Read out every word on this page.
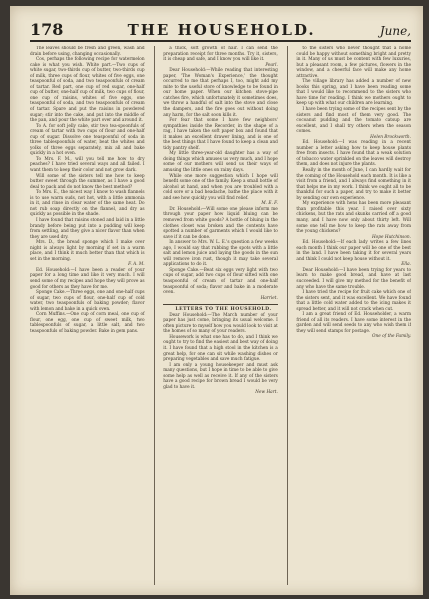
178	THE HOUSEHOLD.	June,

The leaves should be fresh and green, wash and drain before using, changing occasionally.

Cos, perhaps the following recipe for watermelon cake is what you wish. White part.—Two cups of white sugar, two-thirds cup of butter, two-thirds cup of milk, three cups of flour, whites of five eggs, one teaspoonful of soda, and two teaspoonfuls of cream of tartar. Red part, one cup of red sugar, one-half cup of butter, one-half cup of milk, two cups of flour, one cup of raisins, whites of five eggs, one teaspoonful of soda, and two teaspoonfuls of cream of tartar. Spare and put the raisins in powdered sugar; stir into the cake, and put into the middle of the pan, and pour the white part over and around it.

To A. for soft jelly cake, stir two tea-spoonfuls of cream of tartar with two cups of flour and one-half cup of sugar. Dissolve one teaspoonful of soda in three tablespoonfuls of water, beat the whites and yolks of three eggs separately, mix all and bake quickly in a hot oven.

To Mrs. F. M., will you tell me how to dry peaches? I have tried several ways and all failed. I want them to keep their color and not grow dark.

Will some of the sisters tell me how to keep butter sweet through the summer, as I have a good deal to pack and do not know the best method?

To Mrs. E., the nicest way I know to wash flannels is to use warm suds, not hot, with a little ammonia in it, and rinse in clear water of the same heat. Do not rub soap directly on the flannel, and dry as quickly as possible in the shade.

I have found that raisins stoned and laid in a little brandy before being put into a pudding will keep from settling, and they give a nicer flavor than when they are used dry.

Mrs. D., the bread sponge which I make over night is always light by morning if set in a warm place, and I think it much better than that which is set in the morning.

F. A. M.

Ed. Household:—I have been a reader of your paper for a long time and like it very much. I will send some of my recipes and hope they will prove as good for others as they have for me.

Sponge Cake.—Three eggs, one and one-half cups of sugar, two cups of flour, one-half cup of cold water, two teaspoonfuls of baking powder; flavor with lemon and bake in a quick oven.

Corn Muffins.—One cup of corn meal, one cup of flour, one egg, one cup of sweet milk, two tablespoonfuls of sugar, a little salt, and two teaspoonfuls of baking powder. Bake in gem pans.

a thick, soft growth of hair. I can send the preparation receipt for three months. Try it, sisters, it is cheap and safe, and I know you will like it.

Pearl.

Dear Household:—While reading that interesting paper, 'The Woman's Experience,' the thought occurred to me that perhaps I, too, might add my mite to the useful store of knowledge to be found in our home paper. When our kitchen stove-pipe catches fire, which unfortunately it sometimes does, we throw a handful of salt into the stove and close the dampers, and the fire goes out without doing any harm, for the salt soon kills it.

For fear that some I have few neighbors' sympathies inside the Recorder, in the shape of a rag, I have taken the soft paper box and found that it makes an excellent drawer lining, and is one of the best things that I have found to keep a clean and tidy pantry shelf.

My little three-year-old daughter has a way of doing things which amuses us very much, and I hope some of our mothers will send us their ways of amusing the little ones on rainy days.

While one more suggestion which I hope will benefit some one of the family. Keep a small bottle of alcohol at hand, and when you are troubled with a cold sore or a bad headache, bathe the place with it and see how quickly you will find relief.

M. E. F.

Dr. Household:—Will some one please inform me through your paper how liquid bluing can be removed from white goods? A bottle of bluing in the clothes closet was broken and the contents have spotted a number of garments which I would like to save if it can be done.

In answer to Mrs. W. L. E.'s question a few weeks ago, I would say that rubbing the spots with a little salt and lemon juice and laying the goods in the sun will remove iron rust, though it may take several applications to do it.

Sponge Cake.—Beat six eggs very light with two cups of sugar, add two cups of flour sifted with one teaspoonful of cream of tartar and one-half teaspoonful of soda; flavor and bake in a moderate oven.

Harriet.

LETTERS TO THE HOUSEHOLD.

Dear Household:—The March number of your paper has just come, bringing its usual welcome. I often picture to myself how you would look to visit at the homes of so many of your readers.

Housework is what one has to do, and I think we ought to try to find the easiest and best way of doing it. I have found that a high stool in the kitchen is a great help, for one can sit while washing dishes or preparing vegetables and save much fatigue.

I am only a young housekeeper and must ask many questions, but I hope in time to be able to give some help as well as receive it. If any of the sisters have a good recipe for brown bread I would be very glad to have it.

New Hart.

to the sisters who never thought that a home could be happy without something bright and pretty in it. Many of us must be content with few luxuries, but a pleasant room, a few pictures, flowers in the window, and a cheerful face will make any home attractive.

The village library has added a number of new books this spring, and I have been reading some that I would like to recommend to the sisters who have time for reading. I think we mothers ought to keep up with what our children are learning.

I have been trying some of the recipes sent by the sisters and find most of them very good. The cocoanut pudding and the tomato catsup are excellent, and I shall try others when the season comes.

Helen Brockworth.

Ed. Household:—I was reading in a recent number a letter asking how to keep house plants free from insects. I have found that a weak solution of tobacco water sprinkled on the leaves will destroy them, and does not injure the plants.

Really in the month of June, I can hardly wait for the coming of the Household each month. It is like a visit from a friend, and I always find something in it that helps me in my work. I think we ought all to be thankful for such a paper, and try to make it better by sending our own experience.

My experience with hens has been more pleasant than profitable this year. I raised over sixty chickens, but the rats and skunks carried off a good many, and I have now only about thirty left. Will some one tell me how to keep the rats away from the young chickens?

Hope Hutchinson.

Ed. Household:—If each lady writes a few lines each month I think our paper will be one of the best in the land. I have been taking it for several years and think I could not keep house without it.

Ella.

Dear Household:—I have been trying for years to learn to make good bread, and have at last succeeded. I will give my method for the benefit of any who have the same trouble.

I have tried the recipe for fruit cake which one of the sisters sent, and it was excellent. We have found that a little cold water added to the icing makes it spread better, and it will not crack when cut.

I am a great friend of Ed. Householder, a warm friend of all its readers. I have some interest in the garden and will send seeds to any who wish them if they will send stamps for postage.

One of the Family.
